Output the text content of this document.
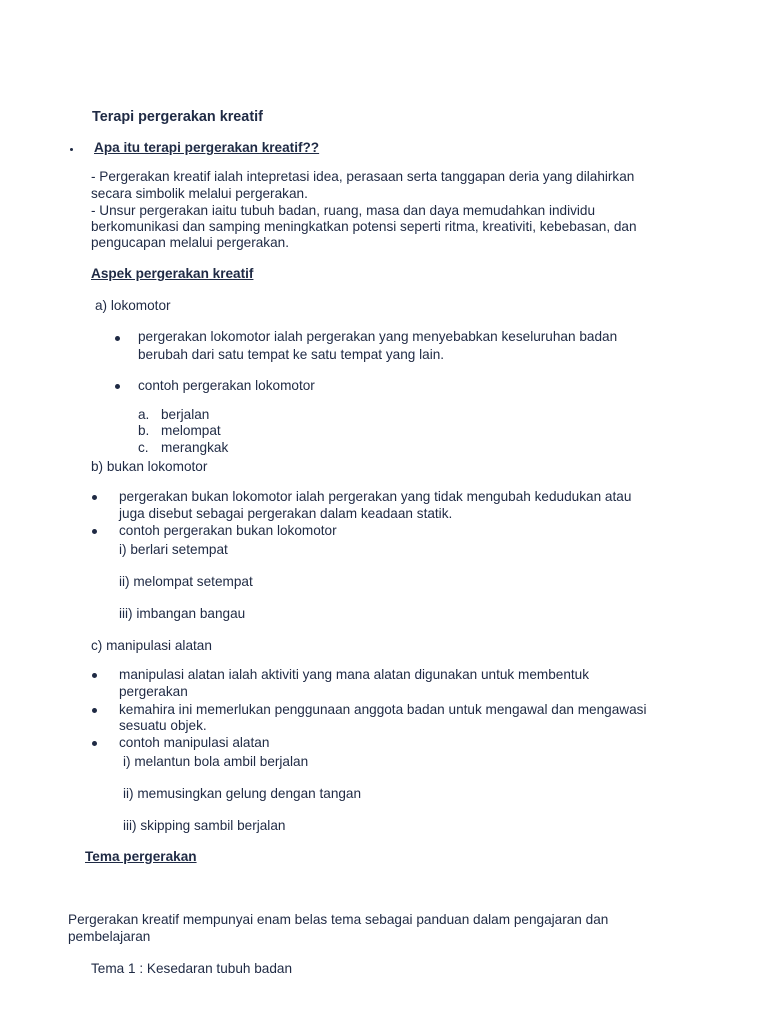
Terapi pergerakan kreatif
Apa itu terapi pergerakan kreatif??
- Pergerakan kreatif ialah intepretasi idea, perasaan serta tanggapan deria yang dilahirkan
secara simbolik melalui pergerakan.
- Unsur pergerakan iaitu tubuh badan, ruang, masa dan daya memudahkan individu
berkomunikasi dan samping meningkatkan potensi seperti ritma, kreativiti, kebebasan, dan
pengucapan melalui pergerakan.
Aspek pergerakan kreatif
a) lokomotor
pergerakan lokomotor ialah pergerakan yang menyebabkan keseluruhan badan
berubah dari satu tempat ke satu tempat yang lain.
contoh pergerakan lokomotor
a. berjalan
b. melompat
c. merangkak
b) bukan lokomotor
pergerakan bukan lokomotor ialah pergerakan yang tidak mengubah kedudukan atau
juga disebut sebagai pergerakan dalam keadaan statik.
contoh pergerakan bukan lokomotor
i) berlari setempat
ii) melompat setempat
iii) imbangan bangau
c) manipulasi alatan
manipulasi alatan ialah aktiviti yang mana alatan digunakan untuk membentuk
pergerakan
kemahira ini memerlukan penggunaan anggota badan untuk mengawal dan mengawasi
sesuatu objek.
contoh manipulasi alatan
i) melantun bola ambil berjalan
ii) memusingkan gelung dengan tangan
iii) skipping sambil berjalan
Tema pergerakan
Pergerakan kreatif mempunyai enam belas tema sebagai panduan dalam pengajaran dan
pembelajaran
Tema 1 : Kesedaran tubuh badan
